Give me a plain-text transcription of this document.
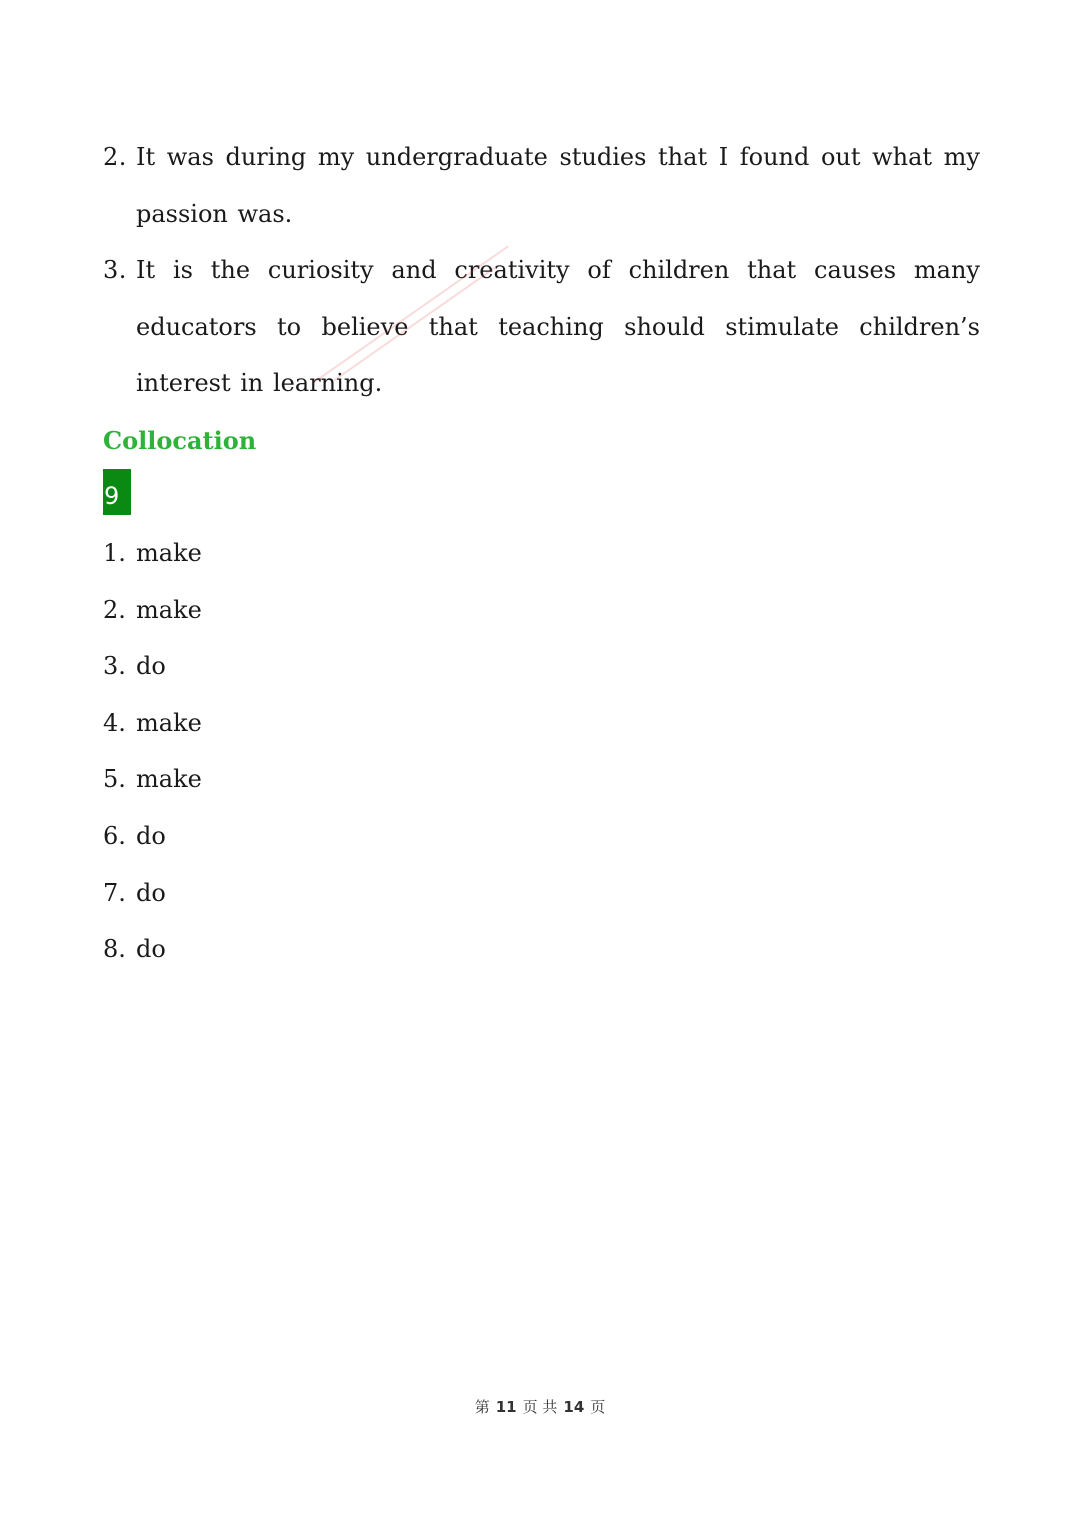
2. It was during my undergraduate studies that I found out what my passion was.
3. It is the curiosity and creativity of children that causes many educators to believe that teaching should stimulate children’s interest in learning.
Collocation
9
1. make
2. make
3. do
4. make
5. make
6. do
7. do
8. do
第 11 页 共 14 页
